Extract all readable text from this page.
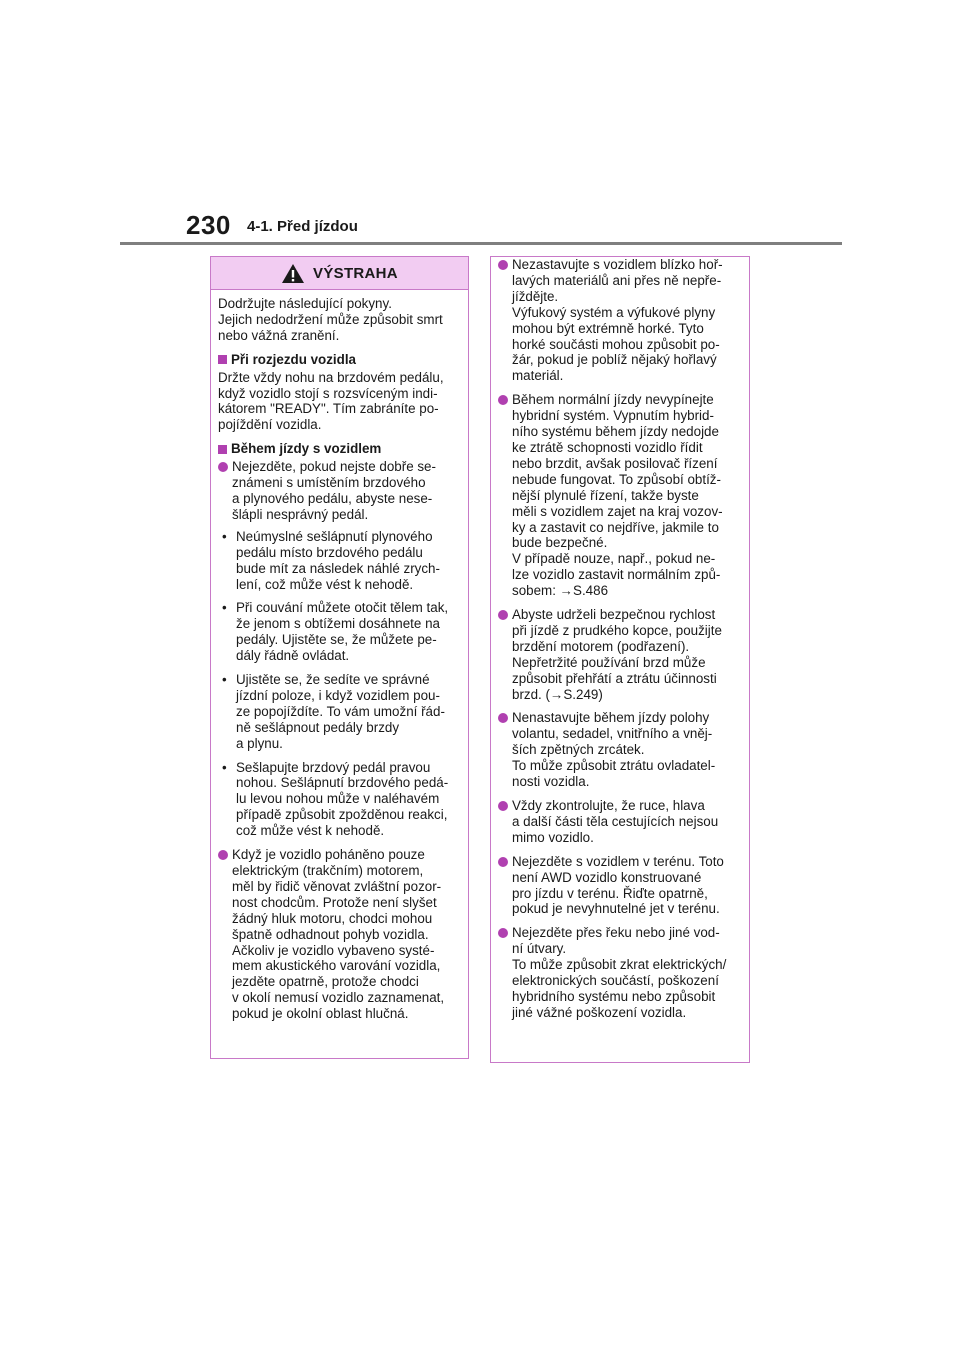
230 4-1. Před jízdou
VÝSTRAHA
Dodržujte následující pokyny.
Jejich nedodržení může způsobit smrt
nebo vážná zranění.
Při rozjezdu vozidla
Držte vždy nohu na brzdovém pedálu,
když vozidlo stojí s rozsvíceným indi-
kátorem "READY". Tím zabráníte po-
pojíždění vozidla.
Během jízdy s vozidlem
Nejezděte, pokud nejste dobře se-
známeni s umístěním brzdového
a plynového pedálu, abyste nese-
šlápli nesprávný pedál.
• Neúmyslné sešlápnutí plynového
pedálu místo brzdového pedálu
bude mít za následek náhlé zrych-
lení, což může vést k nehodě.
• Při couvání můžete otočit tělem tak,
že jenom s obtížemi dosáhnete na
pedály. Ujistěte se, že můžete pe-
dály řádně ovládat.
• Ujistěte se, že sedíte ve správné
jízdní poloze, i když vozidlem pou-
ze popojíždíte. To vám umožní řád-
ně sešlápnout pedály brzdy
a plynu.
• Sešlapujte brzdový pedál pravou
nohou. Sešlápnutí brzdového pedá-
lu levou nohou může v naléhavém
případě způsobit zpožděnou reakci,
což může vést k nehodě.
Když je vozidlo poháněno pouze
elektrickým (trakčním) motorem,
měl by řidič věnovat zvláštní pozor-
nost chodcům. Protože není slyšet
žádný hluk motoru, chodci mohou
špatně odhadnout pohyb vozidla.
Ačkoliv je vozidlo vybaveno systé-
mem akustického varování vozidla,
jezděte opatrně, protože chodci
v okolí nemusí vozidlo zaznamenat,
pokud je okolní oblast hlučná.
Nezastavujte s vozidlem blízko hoř-
lavých materiálů ani přes ně nepře-
jíždějte.
Výfukový systém a výfukové plyny
mohou být extrémně horké. Tyto
horké součásti mohou způsobit po-
žár, pokud je poblíž nějaký hořlavý
materiál.
Během normální jízdy nevypínejte
hybridní systém. Vypnutím hybrid-
ního systému během jízdy nedojde
ke ztrátě schopnosti vozidlo řídit
nebo brzdit, avšak posilovač řízení
nebude fungovat. To způsobí obtíž-
nější plynulé řízení, takže byste
měli s vozidlem zajet na kraj vozov-
ky a zastavit co nejdříve, jakmile to
bude bezpečné.
V případě nouze, např., pokud ne-
lze vozidlo zastavit normálním způ-
sobem: →S.486
Abyste udrželi bezpečnou rychlost
při jízdě z prudkého kopce, použijte
brzdění motorem (podřazení).
Nepřetržité používání brzd může
způsobit přehřátí a ztrátu účinnosti
brzd. (→S.249)
Nenastavujte během jízdy polohy
volantu, sedadel, vnitřního a vněj-
ších zpětných zrcátek.
To může způsobit ztrátu ovladatel-
nosti vozidla.
Vždy zkontrolujte, že ruce, hlava
a další části těla cestujících nejsou
mimo vozidlo.
Nejezděte s vozidlem v terénu. Toto
není AWD vozidlo konstruované
pro jízdu v terénu. Řiďte opatrně,
pokud je nevyhnutelné jet v terénu.
Nejezděte přes řeku nebo jiné vod-
ní útvary.
To může způsobit zkrat elektrických/
elektronických součástí, poškození
hybridního systému nebo způsobit
jiné vážné poškození vozidla.
